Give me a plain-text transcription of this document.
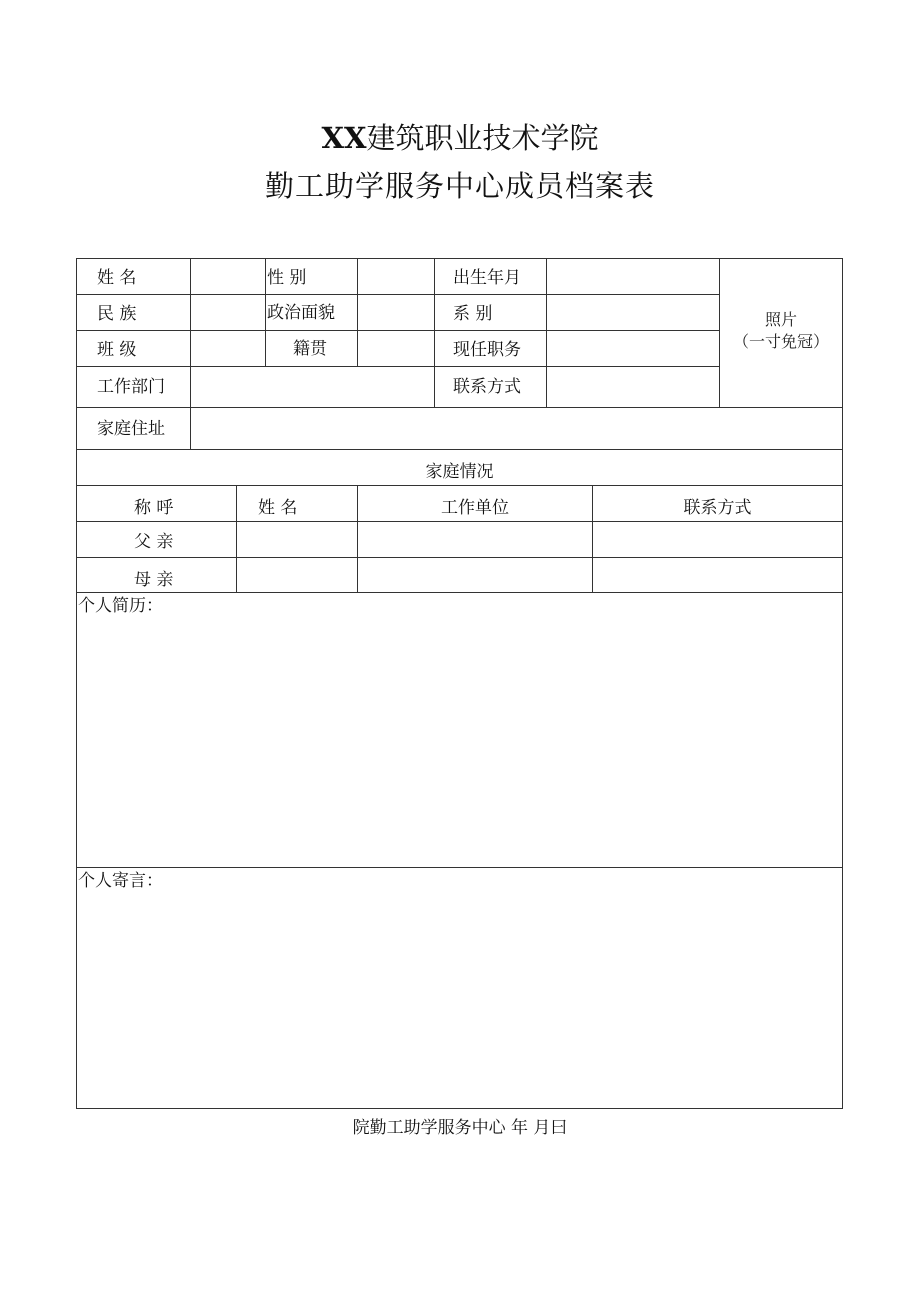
XX建筑职业技术学院
勤工助学服务中心成员档案表
姓 名	性 别	出生年月
民 族	政治面貌	系 别
班 级	籍贯	现任职务
工作部门	联系方式
家庭住址
照片
（一寸免冠）
家庭情况
称 呼	姓 名	工作单位	联系方式
父 亲
母 亲
个人简历：
个人寄言：
院勤工助学服务中心 年 月曰
